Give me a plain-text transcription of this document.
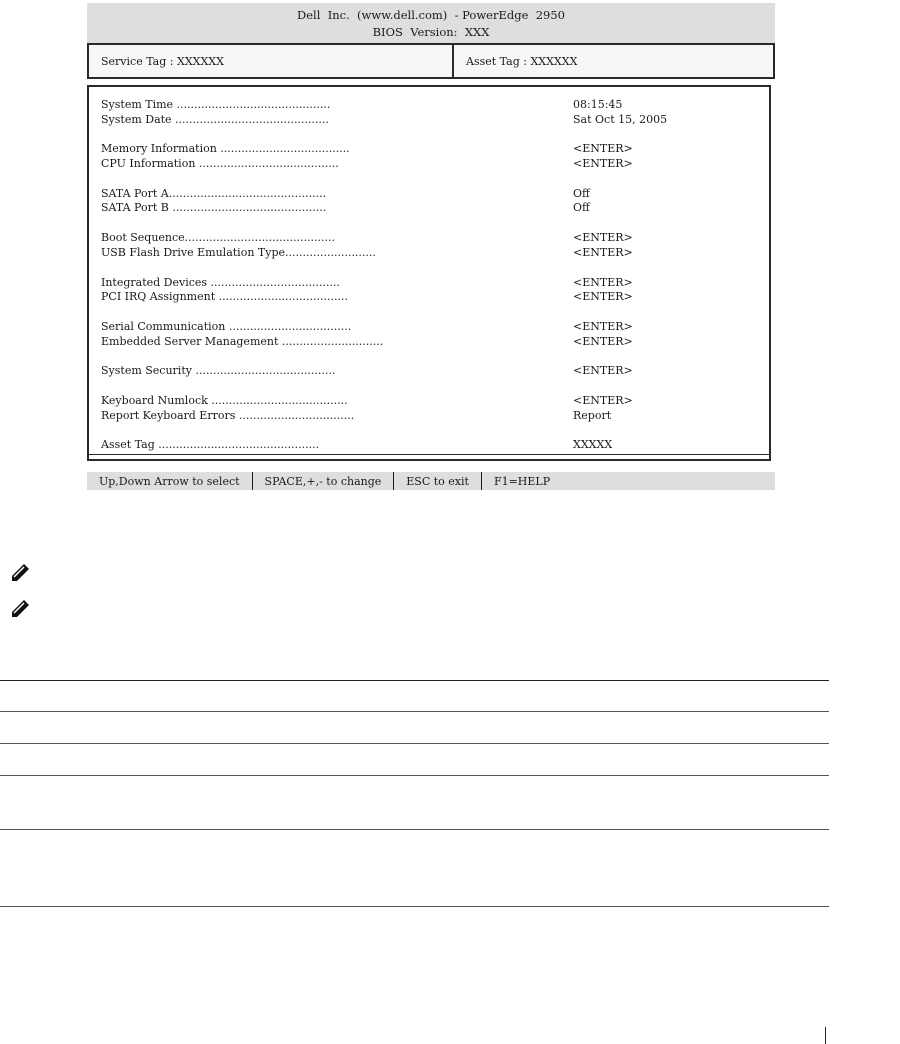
Dell  Inc.  (www.dell.com)  - PowerEdge  2950
BIOS  Version:  XXX
Service Tag : XXXXXX	Asset Tag : XXXXXX
System Time ............................................	08:15:45
System Date ............................................	Sat Oct 15, 2005
Memory Information .....................................	<ENTER>
CPU Information ........................................	<ENTER>
SATA Port A.............................................	Off
SATA Port B ............................................	Off
Boot Sequence...........................................	<ENTER>
USB Flash Drive Emulation Type..........................	<ENTER>
Integrated Devices .....................................	<ENTER>
PCI IRQ Assignment .....................................	<ENTER>
Serial Communication ...................................	<ENTER>
Embedded Server Management .............................	<ENTER>
System Security ........................................	<ENTER>
Keyboard Numlock .......................................	<ENTER>
Report Keyboard Errors .................................	Report
Asset Tag ..............................................	XXXXX
Up,Down Arrow to select	SPACE,+,- to change	ESC to exit	F1=HELP
